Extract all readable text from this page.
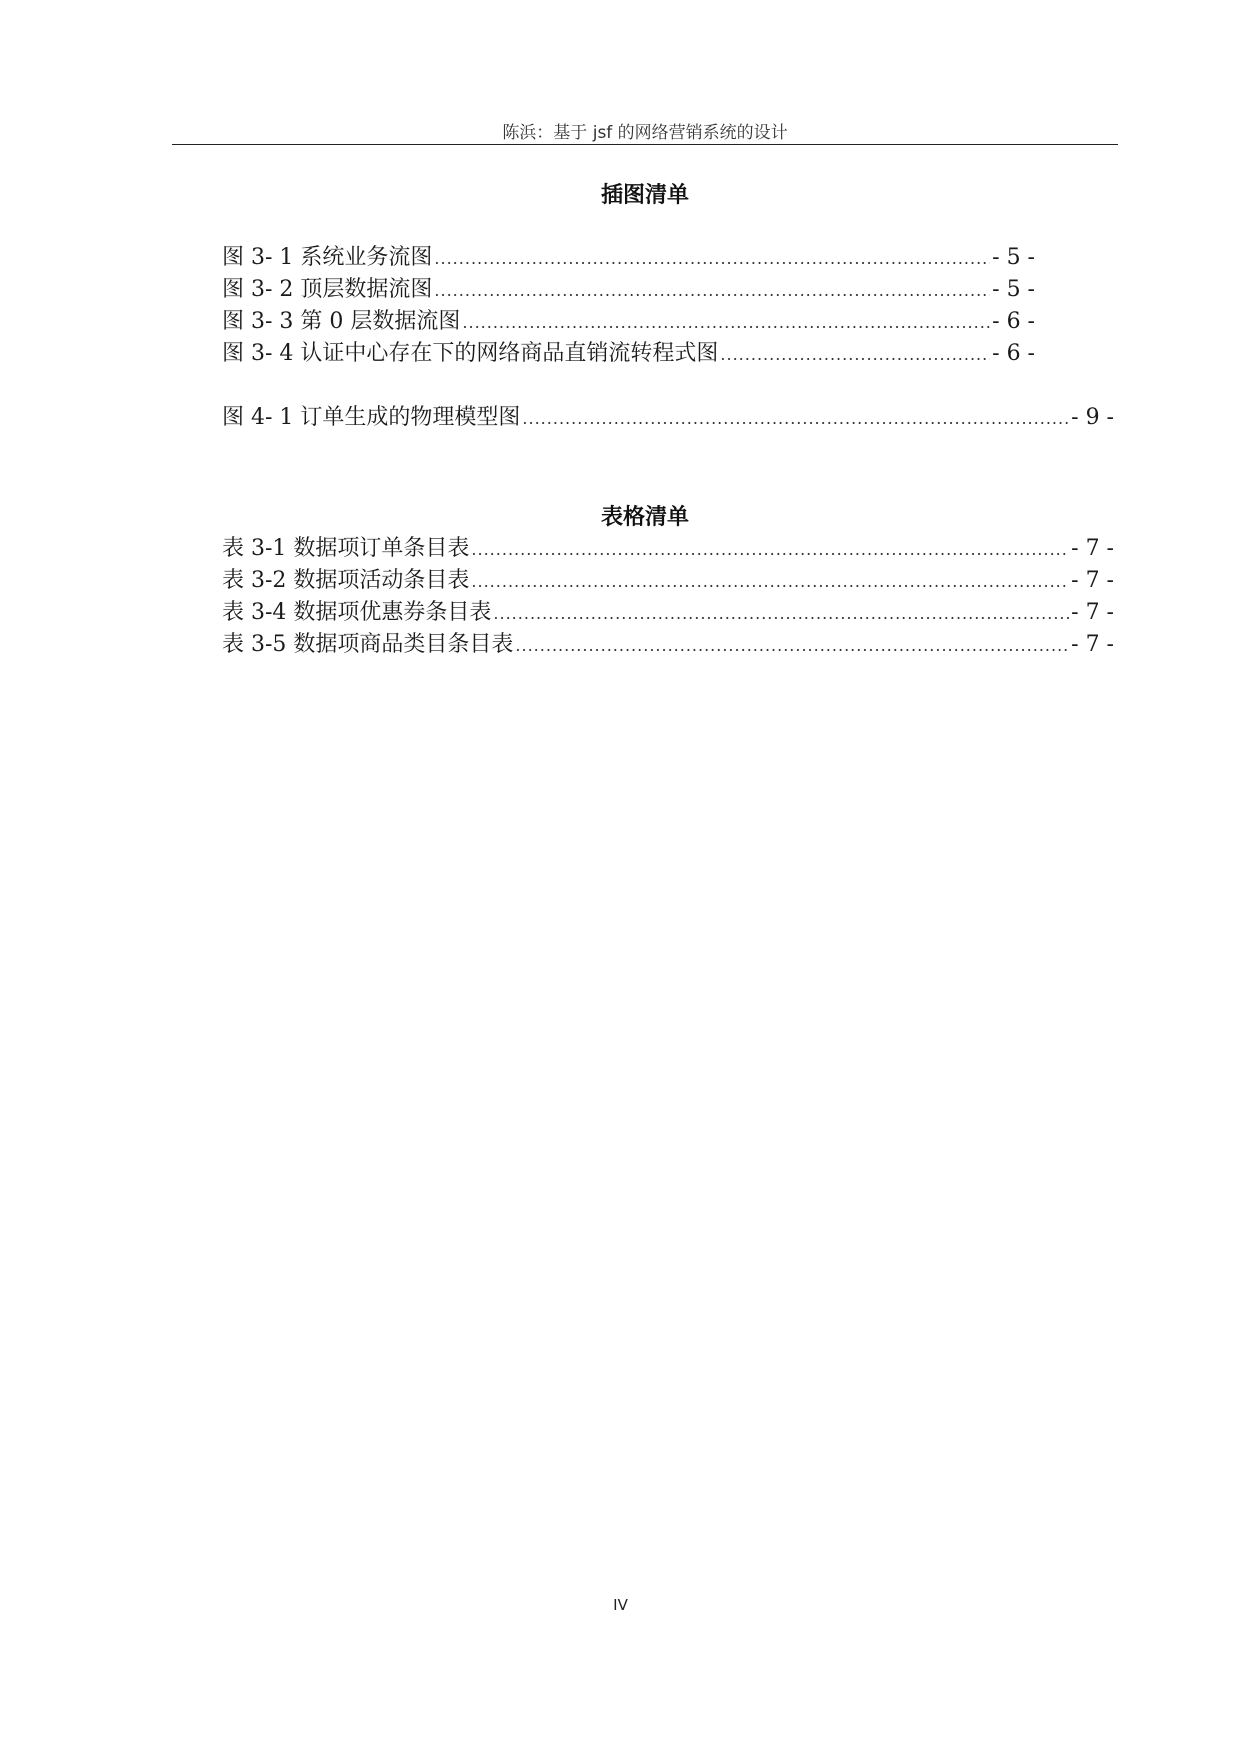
陈浜：基于 jsf 的网络营销系统的设计
插图清单
图 3- 1 系统业务流图 .....	- 5 -
图 3- 2 顶层数据流图 .....	- 5 -
图 3- 3 第 0 层数据流图 .....	- 6 -
图 3- 4 认证中心存在下的网络商品直销流转程式图 .....	- 6 -
图 4- 1 订单生成的物理模型图 .....	- 9 -
表格清单
表 3-1 数据项订单条目表 .....	- 7 -
表 3-2 数据项活动条目表 .....	- 7 -
表 3-4 数据项优惠券条目表 .....	- 7 -
表 3-5 数据项商品类目条目表 .....	- 7 -
IV
